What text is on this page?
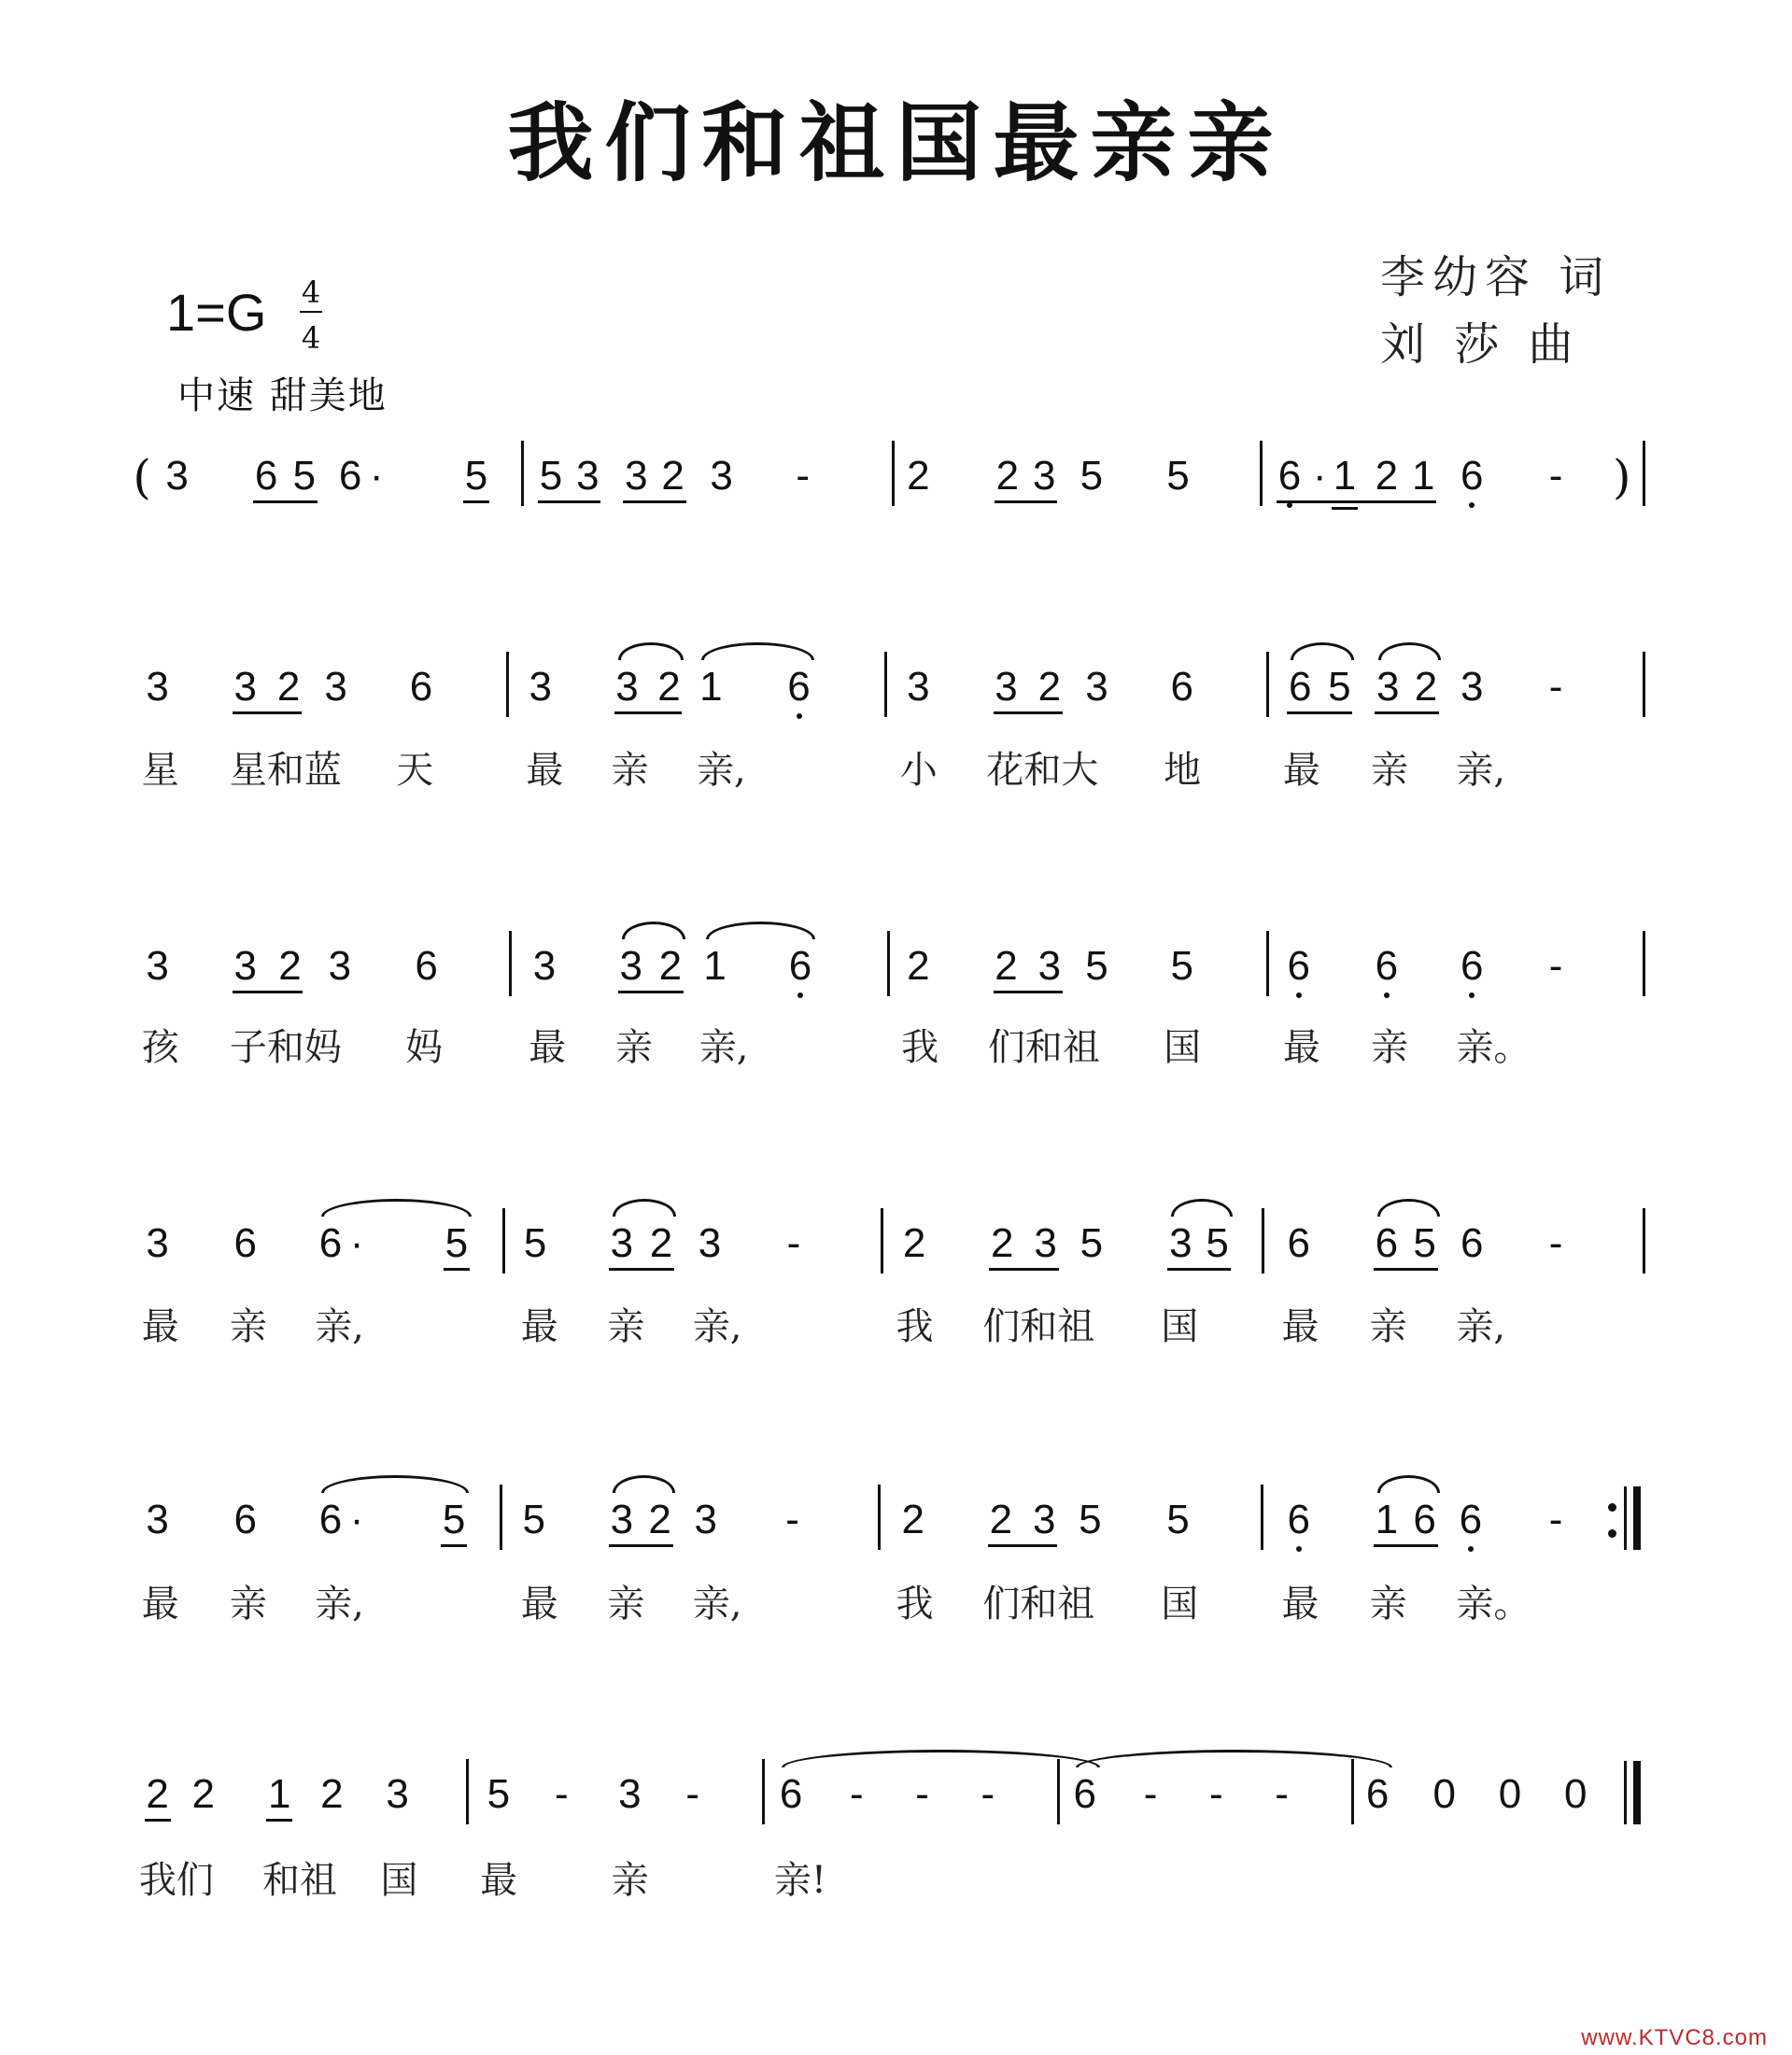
我们和祖国最亲亲
李幼容 词
刘 莎 曲
1=G 4
4
中速 甜美地
( 3 6 5 6 · 5 5 3 3 2 3 - 2 2 3 5 5 6 · 1 2 1 6 - )
3 3 2 3 6 3 3 2 1 6 3 3 2 3 6 6 5 3 2 3 -
星 星和蓝 天 最 亲 亲,	小 花和大 地 最 亲 亲,
3 3 2 3 6 3 3 2 1 6 2 2 3 5 5 6 6 6 -
孩 子和妈 妈 最 亲 亲,	我 们和祖 国 最 亲 亲。
3 6 6 · 5 5 3 2 3 - 2 2 3 5 3 5 6 6 5 6 -
最 亲 亲,	最 亲 亲,	我 们和祖 国 最 亲 亲,
3 6 6 · 5 5 3 2 3 - 2 2 3 5 5 6 1 6 6 -
最 亲 亲,	最 亲 亲,	我 们和祖 国 最 亲 亲。
2 2 1 2 3 5 - 3 - 6 - - - 6 - - - 6 0 0 0
我们 和祖 国 最	亲	亲!
www.KTVC8.com
